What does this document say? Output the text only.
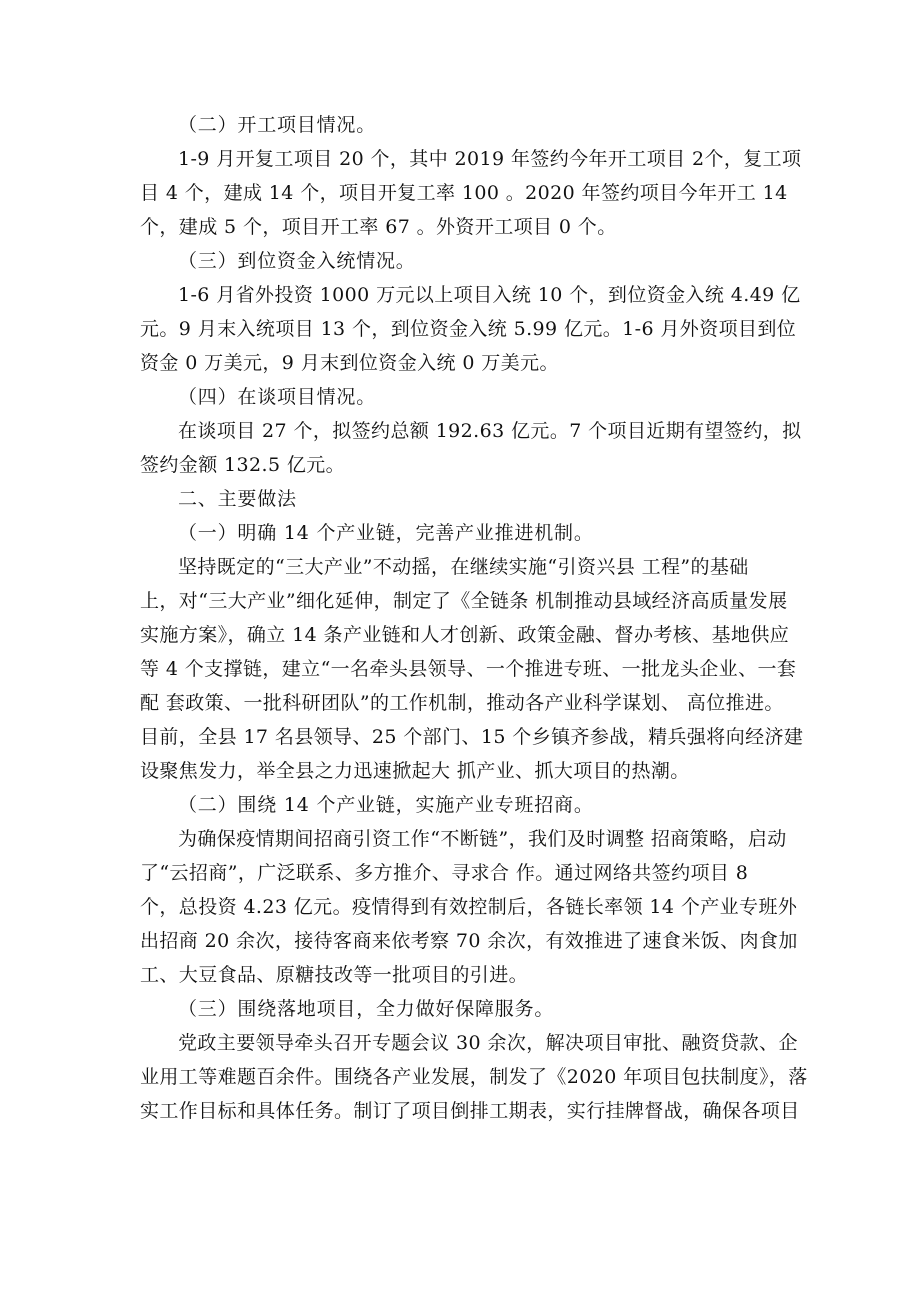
（二）开工项目情况。
1-9 月开复工项目 20 个，其中 2019 年签约今年开工项目 2个，复工项
目 4 个，建成 14 个，项目开复工率 100 。2020 年签约项目今年开工 14
个，建成 5 个，项目开工率 67 。外资开工项目 0 个。
（三）到位资金入统情况。
1-6 月省外投资 1000 万元以上项目入统 10 个，到位资金入统 4.49 亿
元。9 月末入统项目 13 个，到位资金入统 5.99 亿元。1-6 月外资项目到位
资金 0 万美元，9 月末到位资金入统 0 万美元。
（四）在谈项目情况。
在谈项目 27 个，拟签约总额 192.63 亿元。7 个项目近期有望签约，拟
签约金额 132.5 亿元。
二、主要做法
（一）明确 14 个产业链，完善产业推进机制。
坚持既定的“三大产业”不动摇，在继续实施“引资兴县 工程”的基础
上，对“三大产业”细化延伸，制定了《全链条 机制推动县域经济高质量发展
实施方案》，确立 14 条产业链和人才创新、政策金融、督办考核、基地供应
等 4 个支撑链，建立“一名牵头县领导、一个推进专班、一批龙头企业、一套
配 套政策、一批科研团队”的工作机制，推动各产业科学谋划、 高位推进。
目前，全县 17 名县领导、25 个部门、15 个乡镇齐参战，精兵强将向经济建
设聚焦发力，举全县之力迅速掀起大 抓产业、抓大项目的热潮。
（二）围绕 14 个产业链，实施产业专班招商。
为确保疫情期间招商引资工作“不断链”，我们及时调整 招商策略，启动
了“云招商”，广泛联系、多方推介、寻求合 作。通过网络共签约项目 8
个，总投资 4.23 亿元。疫情得到有效控制后，各链长率领 14 个产业专班外
出招商 20 余次，接待客商来依考察 70 余次，有效推进了速食米饭、肉食加
工、大豆食品、原糖技改等一批项目的引进。
（三）围绕落地项目，全力做好保障服务。
党政主要领导牵头召开专题会议 30 余次，解决项目审批、融资贷款、企
业用工等难题百余件。围绕各产业发展，制发了《2020 年项目包扶制度》，落
实工作目标和具体任务。制订了项目倒排工期表，实行挂牌督战，确保各项目
